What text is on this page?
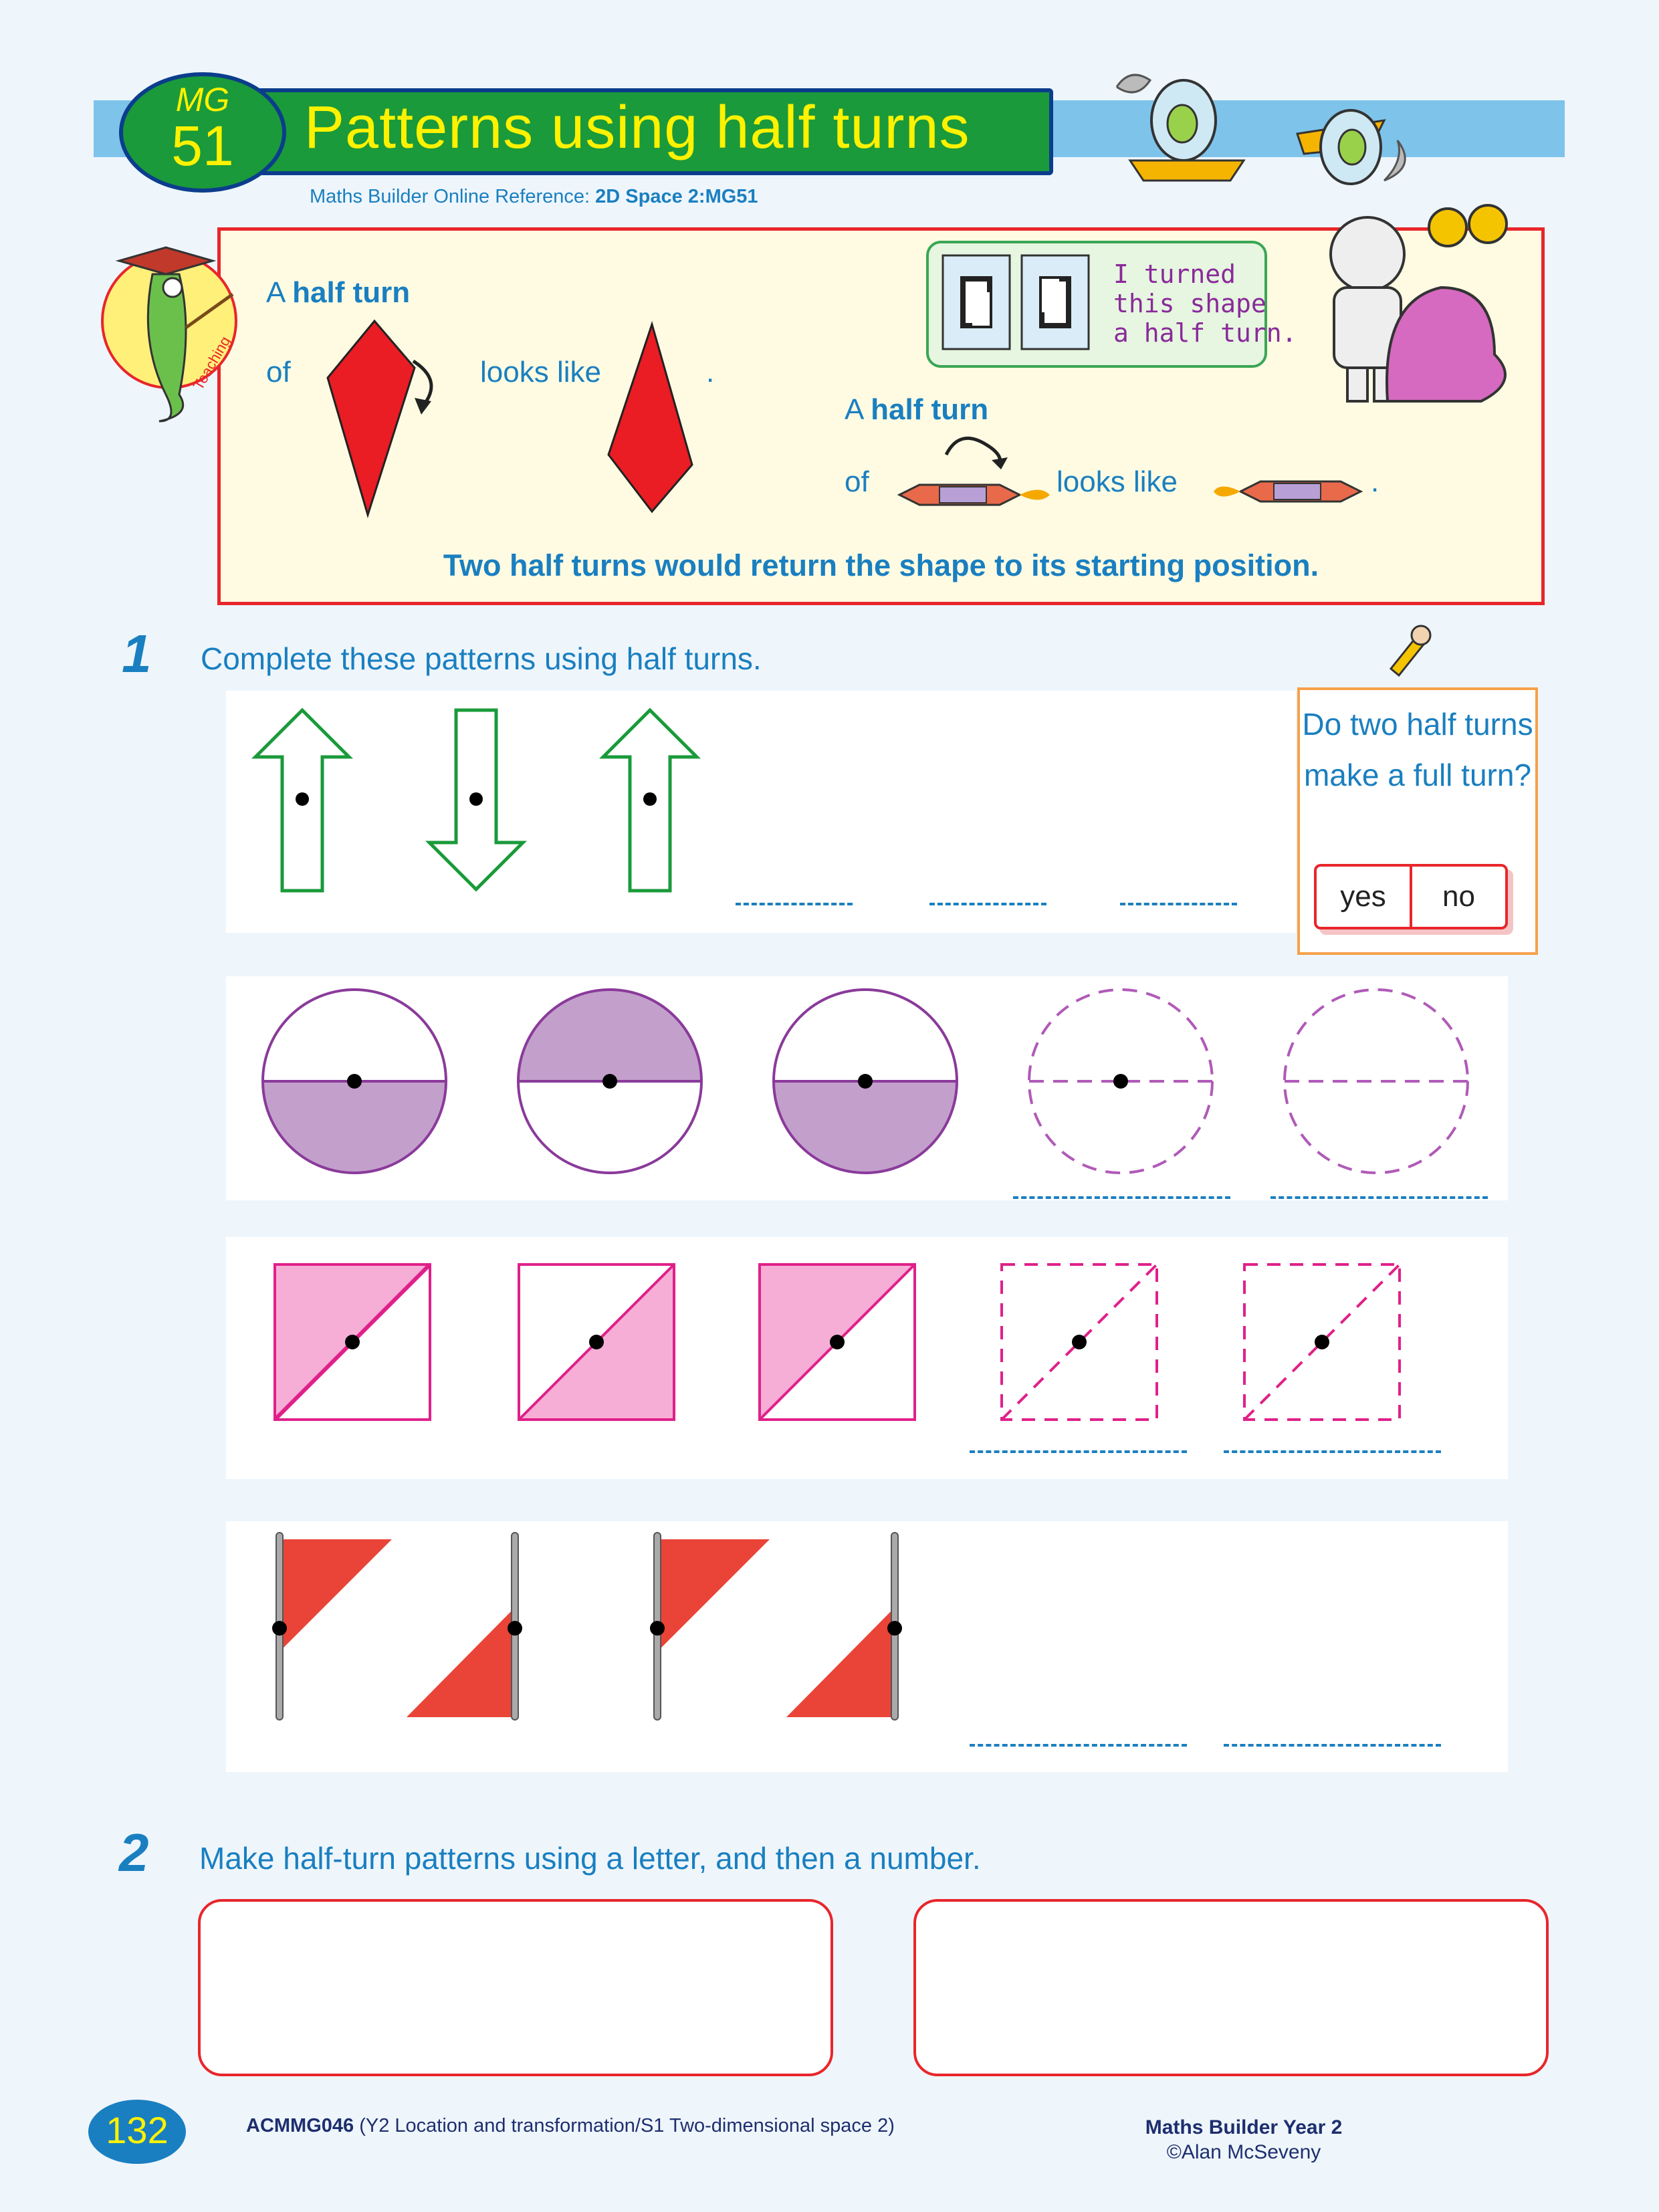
Patterns using half turns
MG
51
Maths Builder Online Reference: 2D Space 2:MG51
Teaching
A half turn
of	looks like	.
I turned
this shape
a half turn.
A half turn
of	looks like	.
Two half turns would return the shape to its starting position.
1 Complete these patterns using half turns.
Do two half turns make a full turn?
yes	no
2 Make half-turn patterns using a letter, and then a number.
132	ACMMG046 (Y2 Location and transformation/S1 Two-dimensional space 2)	Maths Builder Year 2
©Alan McSeveny
